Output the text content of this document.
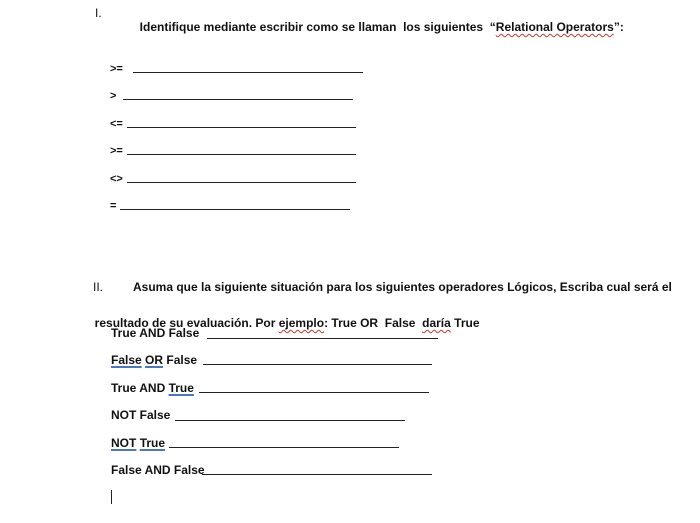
I.

Identifique mediante escribir como se llaman  los siguientes  “Relational Operators”:

>=
>
<=
>=
<>
=
II. Asuma que la siguiente situación para los siguientes operadores Lógicos, Escriba cual será el

resultado de su evaluación. Por ejemplo: True OR  False  daría True

True AND False
False OR False
True AND True
NOT False
NOT True
False AND False
